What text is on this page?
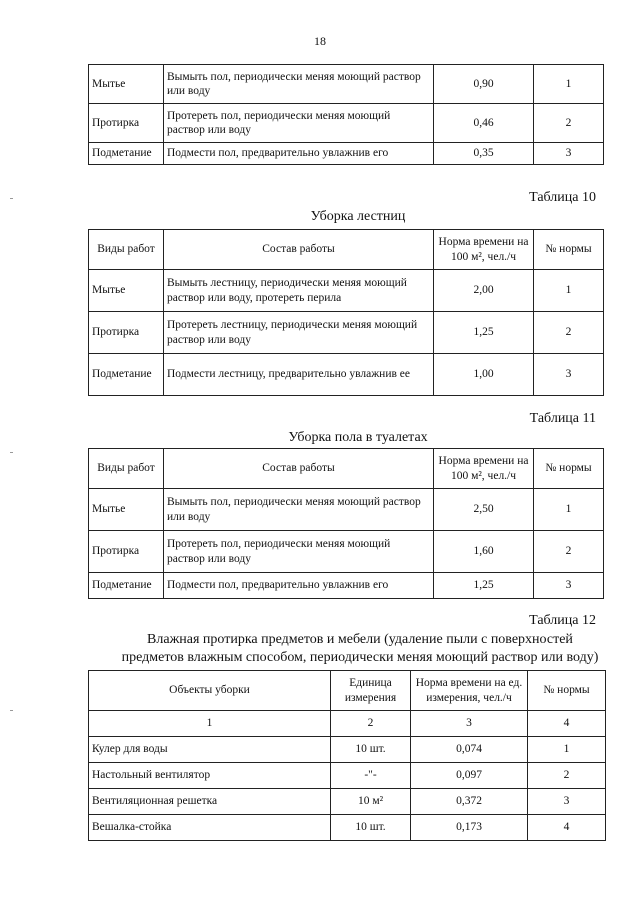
18
Мытье	Вымыть пол, периодически меняя моющий раствор или воду	0,90	1
Протирка	Протереть пол, периодически меняя моющий раствор или воду	0,46	2
Подметание	Подмести пол, предварительно увлажнив его	0,35	3
Таблица 10
Уборка лестниц
Виды работ	Состав работы	Норма времени на 100 м², чел./ч	№ нормы
Мытье	Вымыть лестницу, периодически меняя моющий раствор или воду, протереть перила	2,00	1
Протирка	Протереть лестницу, периодически меняя моющий раствор или воду	1,25	2
Подметание	Подмести лестницу, предварительно увлажнив ее	1,00	3
Таблица 11
Уборка пола в туалетах
Виды работ	Состав работы	Норма времени на 100 м², чел./ч	№ нормы
Мытье	Вымыть пол, периодически меняя моющий раствор или воду	2,50	1
Протирка	Протереть пол, периодически меняя моющий раствор или воду	1,60	2
Подметание	Подмести пол, предварительно увлажнив его	1,25	3
Таблица 12
Влажная протирка предметов и мебели (удаление пыли с поверхностей
предметов влажным способом, периодически меняя моющий раствор или воду)
Объекты уборки	Единица измерения	Норма времени на ед. измерения, чел./ч	№ нормы
1	2	3	4
Кулер для воды	10 шт.	0,074	1
Настольный вентилятор	-"-	0,097	2
Вентиляционная решетка	10 м²	0,372	3
Вешалка-стойка	10 шт.	0,173	4
